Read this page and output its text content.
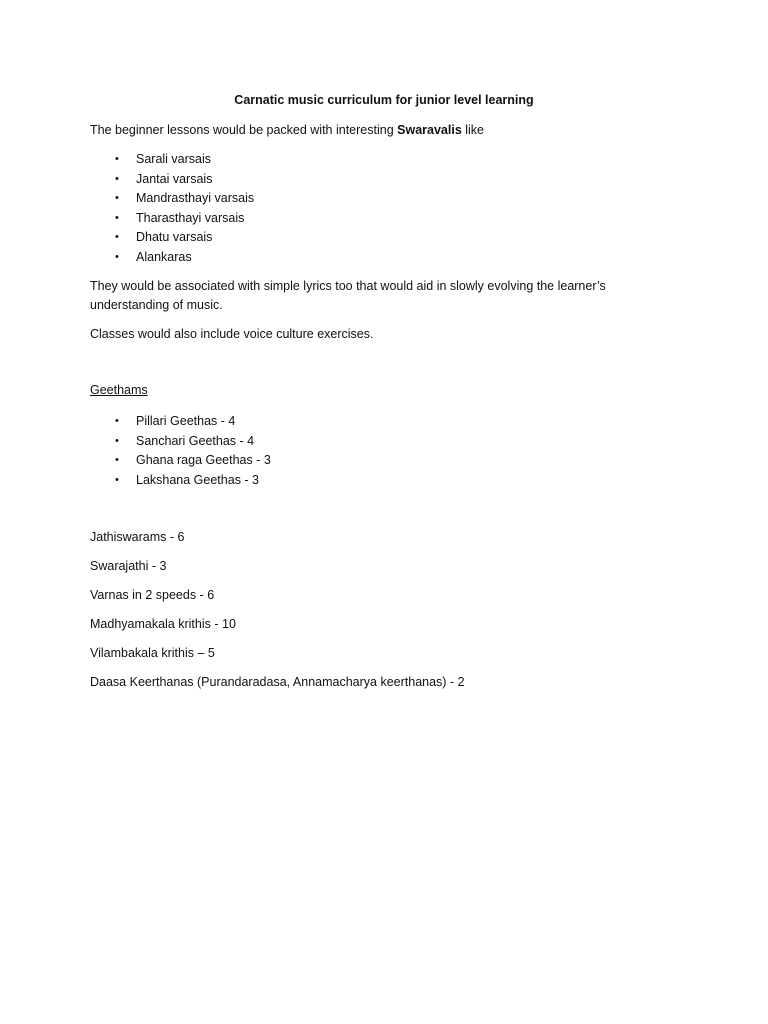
Carnatic music curriculum for junior level learning
The beginner lessons would be packed with interesting Swaravalis like
• Sarali varsais
• Jantai varsais
• Mandrasthayi varsais
• Tharasthayi varsais
• Dhatu varsais
• Alankaras
They would be associated with simple lyrics too that would aid in slowly evolving the learner’s
understanding of music.
Classes would also include voice culture exercises.
Geethams
• Pillari Geethas - 4
• Sanchari Geethas - 4
• Ghana raga Geethas - 3
• Lakshana Geethas - 3
Jathiswarams - 6
Swarajathi - 3
Varnas in 2 speeds - 6
Madhyamakala krithis - 10
Vilambakala krithis – 5
Daasa Keerthanas (Purandaradasa, Annamacharya keerthanas) - 2
